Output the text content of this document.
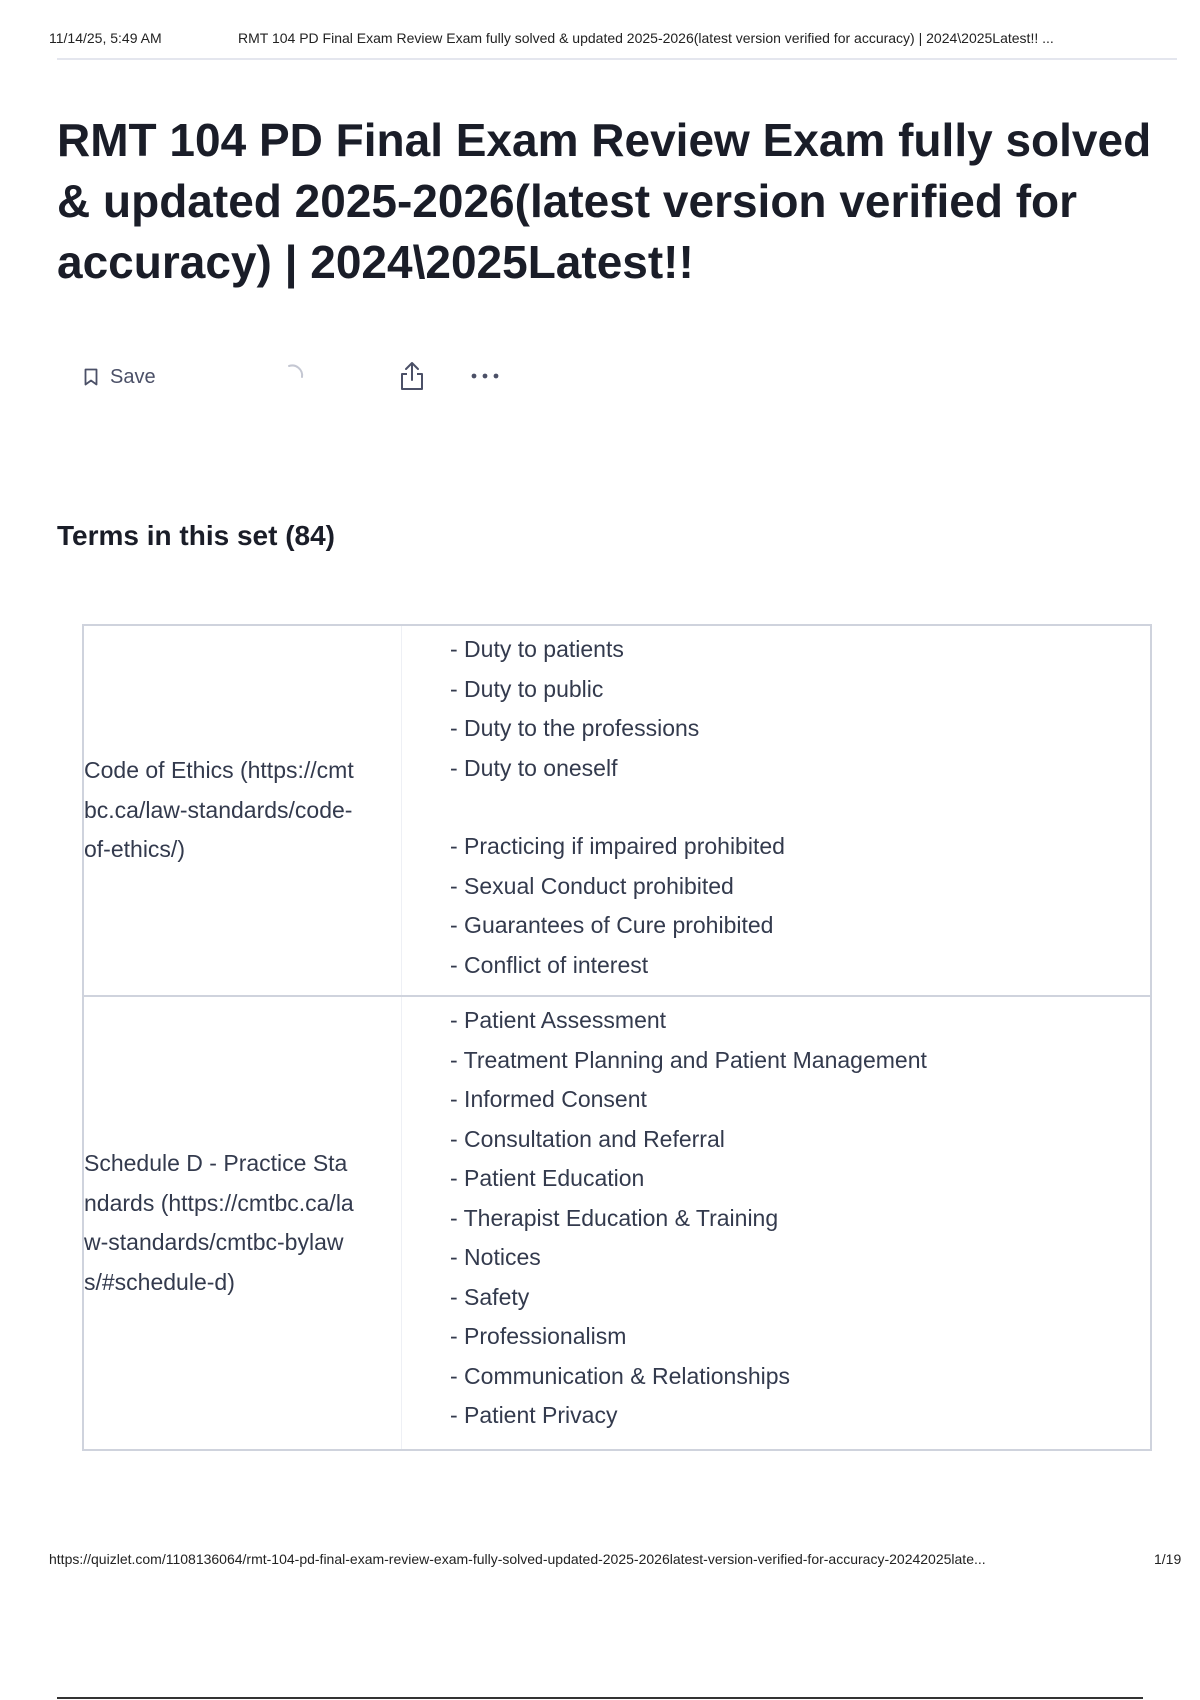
11/14/25, 5:49 AM	RMT 104 PD Final Exam Review Exam fully solved & updated 2025-2026(latest version verified for accuracy) | 2024\2025Latest!! ...
RMT 104 PD Final Exam Review Exam fully solved & updated 2025-2026(latest version verified for accuracy) | 2024\2025Latest!!
Save
Terms in this set (84)
Code of Ethics (https://cmtbc.ca/law-standards/code-of-ethics/)
- Duty to patients
- Duty to public
- Duty to the professions
- Duty to oneself
- Practicing if impaired prohibited
- Sexual Conduct prohibited
- Guarantees of Cure prohibited
- Conflict of interest
Schedule D - Practice Standards (https://cmtbc.ca/law-standards/cmtbc-bylaws/#schedule-d)
- Patient Assessment
- Treatment Planning and Patient Management
- Informed Consent
- Consultation and Referral
- Patient Education
- Therapist Education & Training
- Notices
- Safety
- Professionalism
- Communication & Relationships
- Patient Privacy
https://quizlet.com/1108136064/rmt-104-pd-final-exam-review-exam-fully-solved-updated-2025-2026latest-version-verified-for-accuracy-20242025late...	1/19
